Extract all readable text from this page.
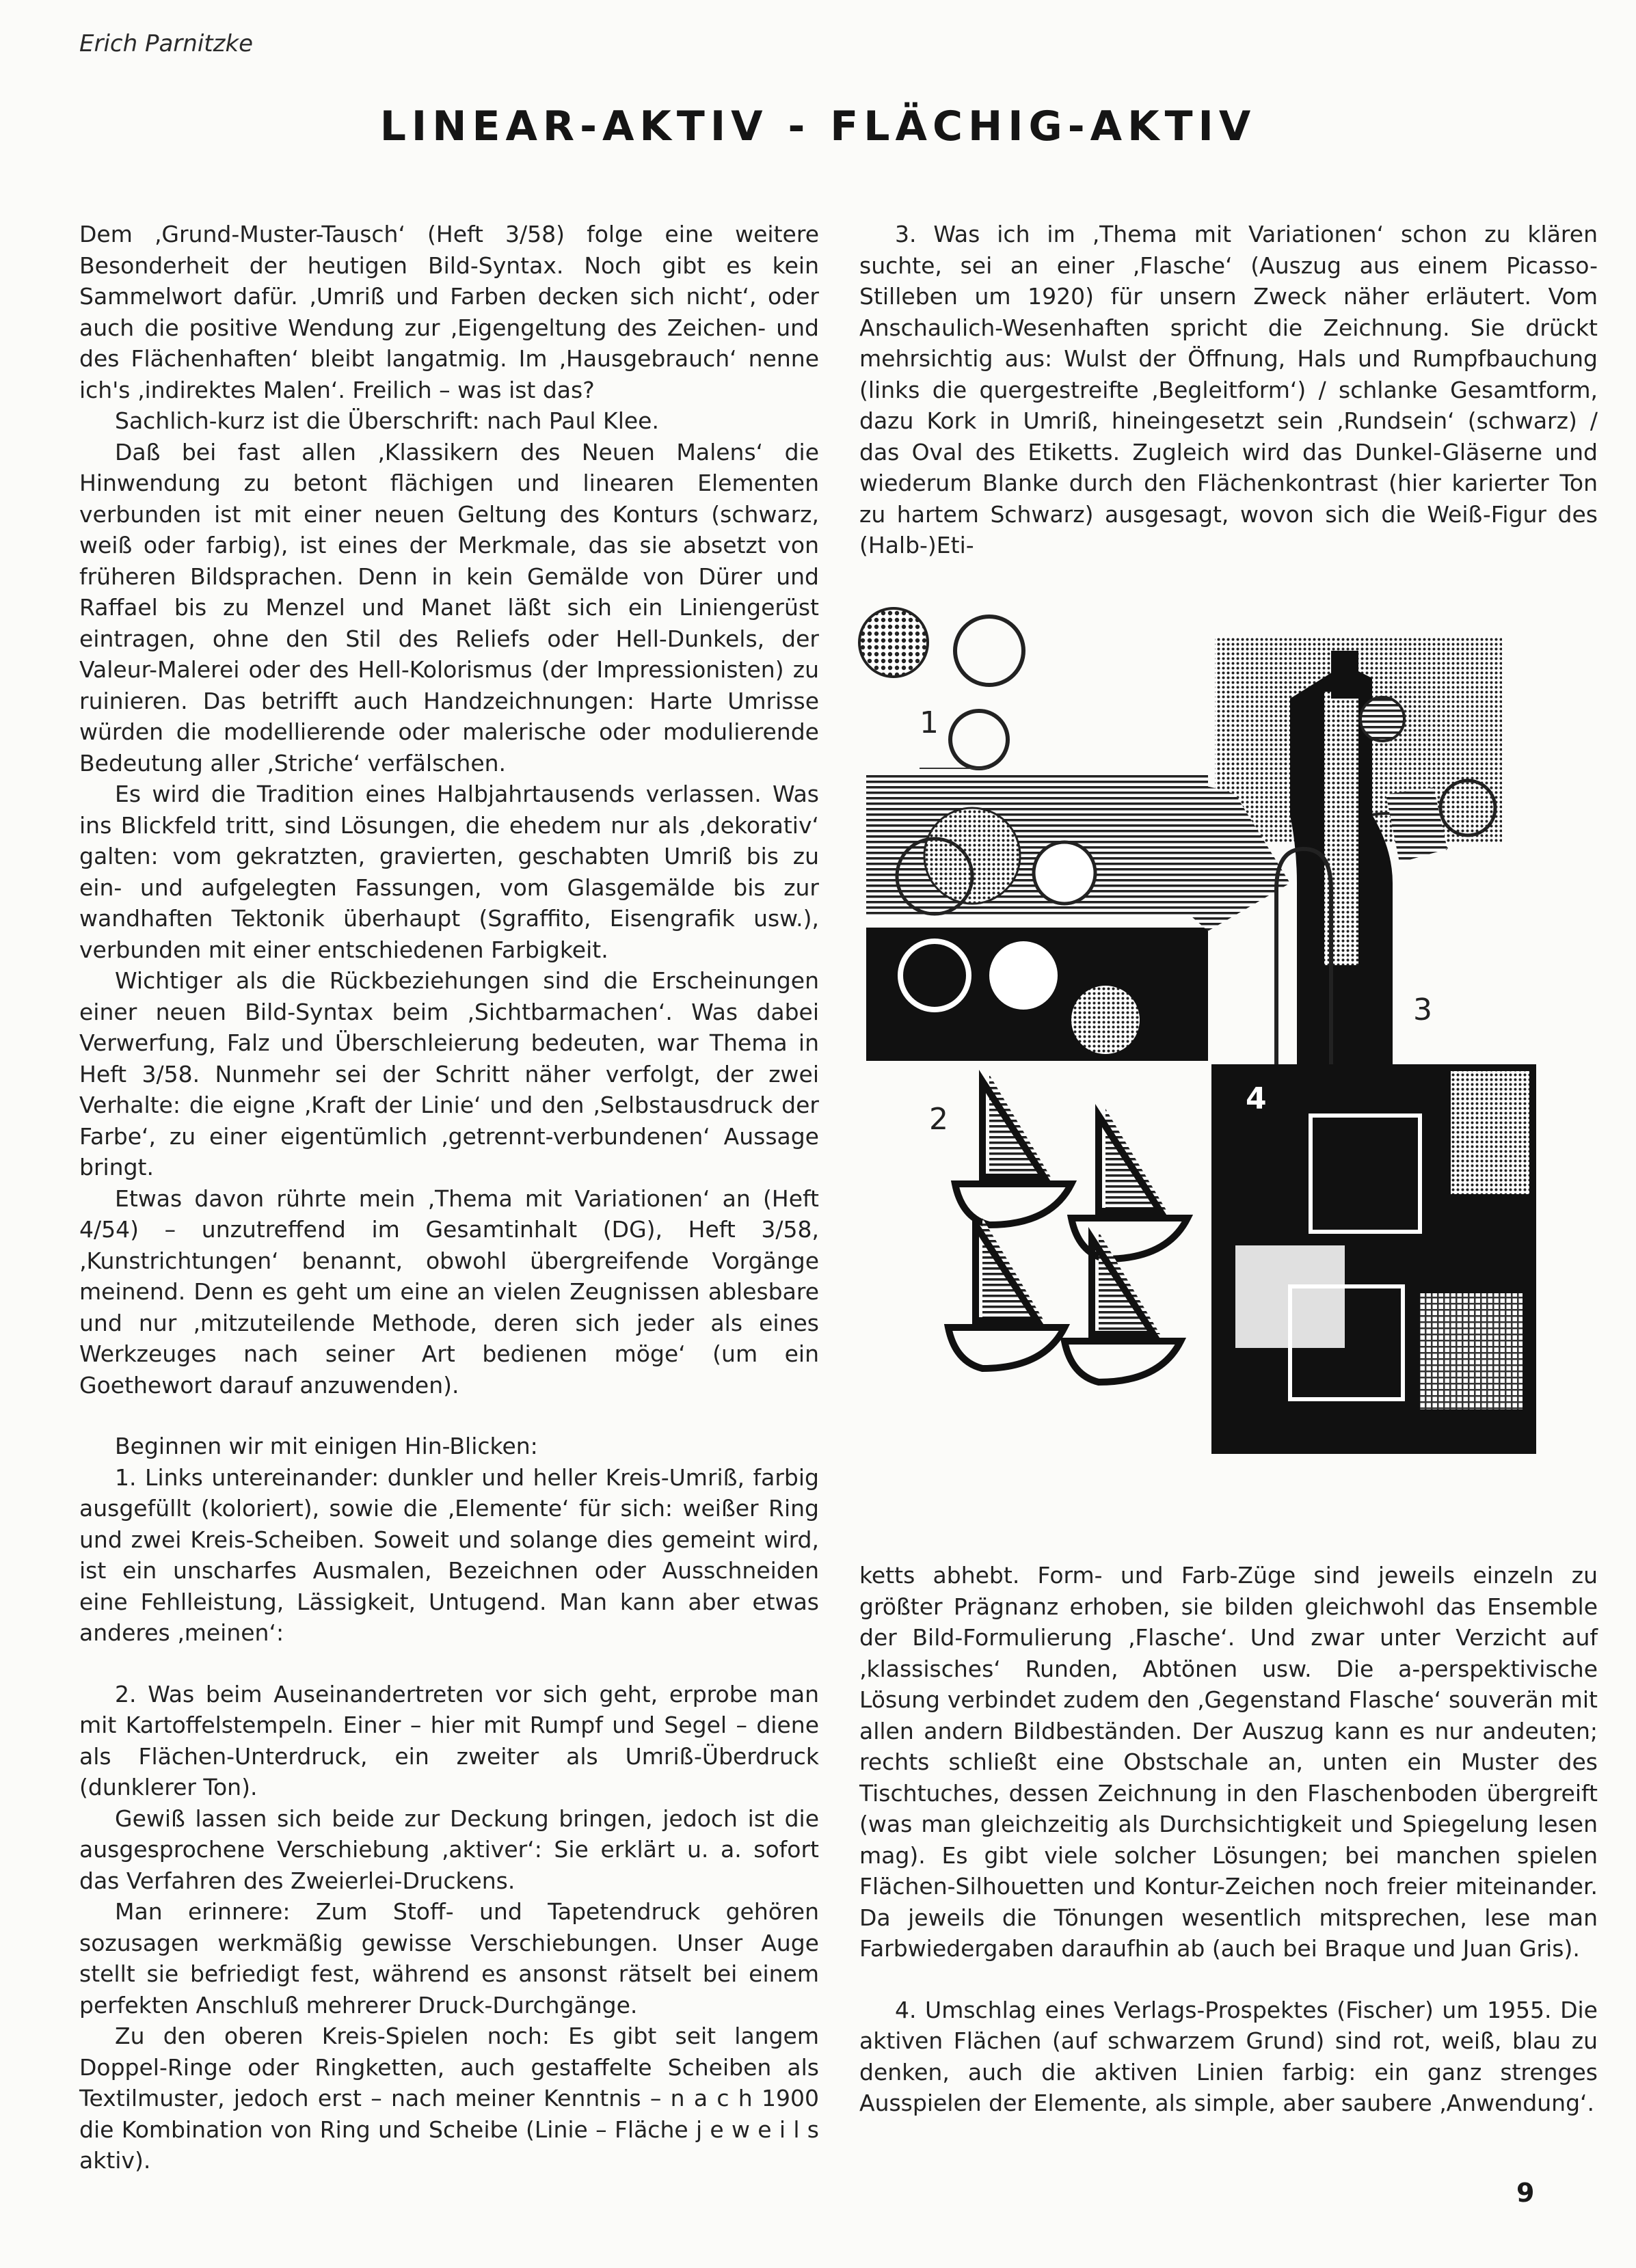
Erich Parnitzke
LINEAR-AKTIV - FLÄCHIG-AKTIV

Dem ‚Grund-Muster-Tausch‘ (Heft 3/58) folge eine weitere Besonderheit der heutigen Bild-Syntax. Noch gibt es kein Sammelwort dafür. ‚Umriß und Farben decken sich nicht‘, oder auch die positive Wendung zur ‚Eigengeltung des Zeichen- und des Flächenhaften‘ bleibt langatmig. Im ‚Hausgebrauch‘ nenne ich's ‚indirektes Malen‘. Freilich – was ist das?

Sachlich-kurz ist die Überschrift: nach Paul Klee.

Daß bei fast allen ‚Klassikern des Neuen Malens‘ die Hinwendung zu betont flächigen und linearen Elementen verbunden ist mit einer neuen Geltung des Konturs (schwarz, weiß oder farbig), ist eines der Merkmale, das sie absetzt von früheren Bildsprachen. Denn in kein Gemälde von Dürer und Raffael bis zu Menzel und Manet läßt sich ein Liniengerüst eintragen, ohne den Stil des Reliefs oder Hell-Dunkels, der Valeur-Malerei oder des Hell-Kolorismus (der Impressionisten) zu ruinieren. Das betrifft auch Handzeichnungen: Harte Umrisse würden die modellierende oder malerische oder modulierende Bedeutung aller ‚Striche‘ verfälschen.

Es wird die Tradition eines Halbjahrtausends verlassen. Was ins Blickfeld tritt, sind Lösungen, die ehedem nur als ‚dekorativ‘ galten: vom gekratzten, gravierten, geschabten Umriß bis zu ein- und aufgelegten Fassungen, vom Glasgemälde bis zur wandhaften Tektonik überhaupt (Sgraffito, Eisengrafik usw.), verbunden mit einer entschiedenen Farbigkeit.

Wichtiger als die Rückbeziehungen sind die Erscheinungen einer neuen Bild-Syntax beim ‚Sichtbarmachen‘. Was dabei Verwerfung, Falz und Überschleierung bedeuten, war Thema in Heft 3/58. Nunmehr sei der Schritt näher verfolgt, der zwei Verhalte: die eigne ‚Kraft der Linie‘ und den ‚Selbstausdruck der Farbe‘, zu einer eigentümlich ‚getrennt-verbundenen‘ Aussage bringt.

Etwas davon rührte mein ‚Thema mit Variationen‘ an (Heft 4/54) – unzutreffend im Gesamtinhalt (DG), Heft 3/58, ‚Kunstrichtungen‘ benannt, obwohl übergreifende Vorgänge meinend. Denn es geht um eine an vielen Zeugnissen ablesbare und nur ‚mitzuteilende Methode, deren sich jeder als eines Werkzeuges nach seiner Art bedienen möge‘ (um ein Goethewort darauf anzuwenden).

Beginnen wir mit einigen Hin-Blicken:

1. Links untereinander: dunkler und heller Kreis-Umriß, farbig ausgefüllt (koloriert), sowie die ‚Elemente‘ für sich: weißer Ring und zwei Kreis-Scheiben. Soweit und solange dies gemeint wird, ist ein unscharfes Ausmalen, Bezeichnen oder Ausschneiden eine Fehlleistung, Lässigkeit, Untugend. Man kann aber etwas anderes ‚meinen‘:

2. Was beim Auseinandertreten vor sich geht, erprobe man mit Kartoffelstempeln. Einer – hier mit Rumpf und Segel – diene als Flächen-Unterdruck, ein zweiter als Umriß-Überdruck (dunklerer Ton).

Gewiß lassen sich beide zur Deckung bringen, jedoch ist die ausgesprochene Verschiebung ‚aktiver‘: Sie erklärt u. a. sofort das Verfahren des Zweierlei-Druckens.

Man erinnere: Zum Stoff- und Tapetendruck gehören sozusagen werkmäßig gewisse Verschiebungen. Unser Auge stellt sie befriedigt fest, während es ansonst rätselt bei einem perfekten Anschluß mehrerer Druck-Durchgänge.

Zu den oberen Kreis-Spielen noch: Es gibt seit langem Doppel-Ringe oder Ringketten, auch gestaffelte Scheiben als Textilmuster, jedoch erst – nach meiner Kenntnis – n a c h 1900 die Kombination von Ring und Scheibe (Linie – Fläche j e w e i l s aktiv).

3. Was ich im ‚Thema mit Variationen‘ schon zu klären suchte, sei an einer ‚Flasche‘ (Auszug aus einem Picasso-Stilleben um 1920) für unsern Zweck näher erläutert. Vom Anschaulich-Wesenhaften spricht die Zeichnung. Sie drückt mehrsichtig aus: Wulst der Öffnung, Hals und Rumpfbauchung (links die quergestreifte ‚Begleitform‘) / schlanke Gesamtform, dazu Kork in Umriß, hineingesetzt sein ‚Rundsein‘ (schwarz) / das Oval des Etiketts. Zugleich wird das Dunkel-Gläserne und wiederum Blanke durch den Flächenkontrast (hier karierter Ton zu hartem Schwarz) ausgesagt, wovon sich die Weiß-Figur des (Halb-)Eti-

1
3
2
4

ketts abhebt. Form- und Farb-Züge sind jeweils einzeln zu größter Prägnanz erhoben, sie bilden gleichwohl das Ensemble der Bild-Formulierung ‚Flasche‘. Und zwar unter Verzicht auf ‚klassisches‘ Runden, Abtönen usw. Die a-perspektivische Lösung verbindet zudem den ‚Gegenstand Flasche‘ souverän mit allen andern Bildbeständen. Der Auszug kann es nur andeuten; rechts schließt eine Obstschale an, unten ein Muster des Tischtuches, dessen Zeichnung in den Flaschenboden übergreift (was man gleichzeitig als Durchsichtigkeit und Spiegelung lesen mag). Es gibt viele solcher Lösungen; bei manchen spielen Flächen-Silhouetten und Kontur-Zeichen noch freier miteinander. Da jeweils die Tönungen wesentlich mitsprechen, lese man Farbwiedergaben daraufhin ab (auch bei Braque und Juan Gris).

4. Umschlag eines Verlags-Prospektes (Fischer) um 1955. Die aktiven Flächen (auf schwarzem Grund) sind rot, weiß, blau zu denken, auch die aktiven Linien farbig: ein ganz strenges Ausspielen der Elemente, als simple, aber saubere ‚Anwendung‘.

9
